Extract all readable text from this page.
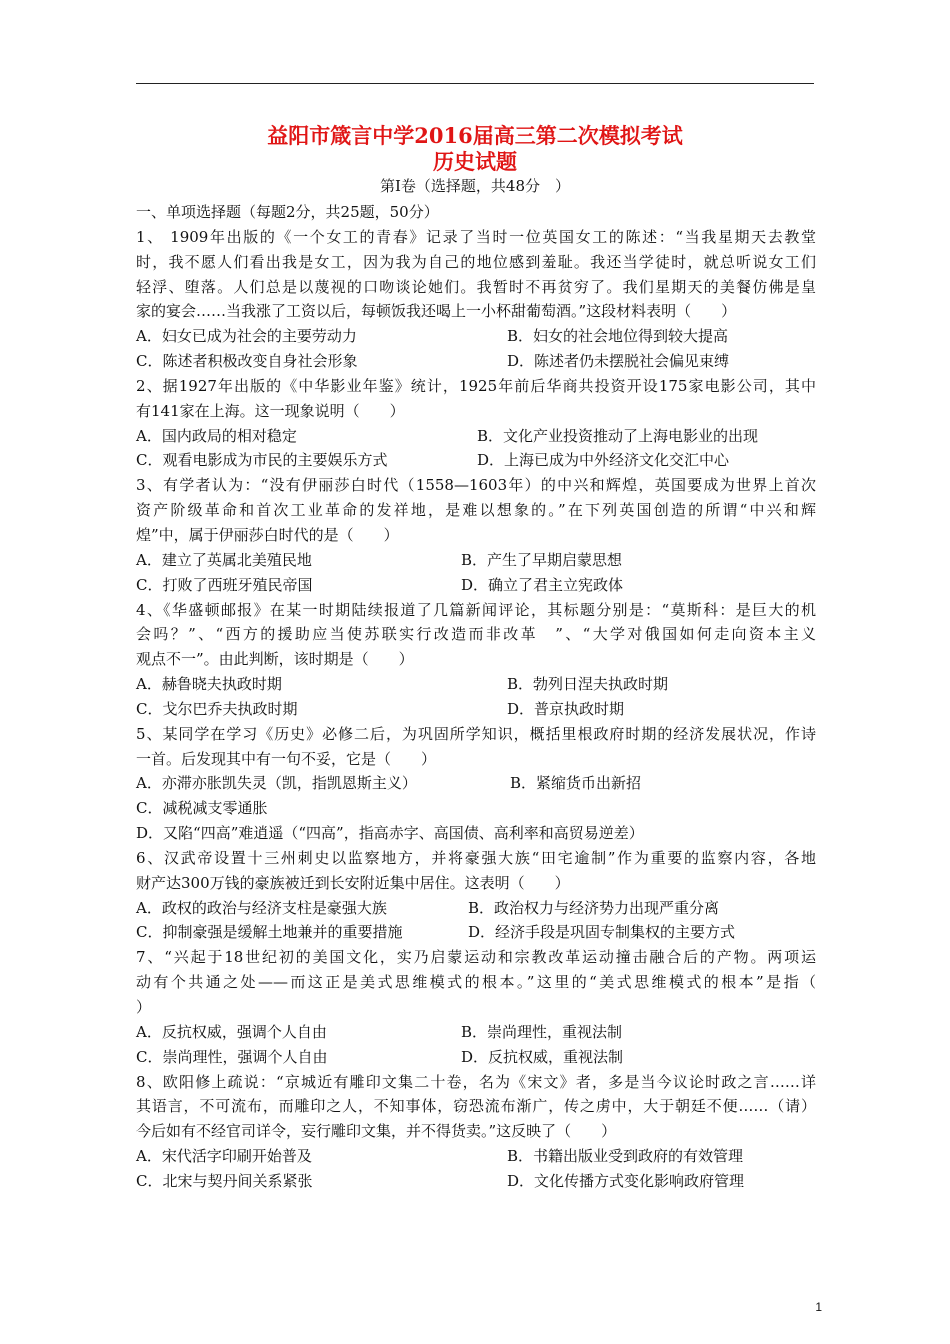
益阳市箴言中学2016届高三第二次模拟考试
历史试题
第Ⅰ卷（选择题，共48分　）
一、单项选择题（每题2分，共25题，50分）
1、 1909年出版的《一个女工的青春》记录了当时一位英国女工的陈述：“当我星期天去教堂
时，我不愿人们看出我是女工，因为我为自己的地位感到羞耻。我还当学徒时，就总听说女工们
轻浮、堕落。人们总是以蔑视的口吻谈论她们。我暂时不再贫穷了。我们星期天的美餐仿佛是皇
家的宴会……当我涨了工资以后，每顿饭我还喝上一小杯甜葡萄酒。”这段材料表明（　　）
A．妇女已成为社会的主要劳动力	B．妇女的社会地位得到较大提高
C．陈述者积极改变自身社会形象	D．陈述者仍未摆脱社会偏见束缚
2、据1927年出版的《中华影业年鉴》统计，1925年前后华商共投资开设175家电影公司，其中
有141家在上海。这一现象说明（　　）
A．国内政局的相对稳定	B．文化产业投资推动了上海电影业的出现
C．观看电影成为市民的主要娱乐方式	D．上海已成为中外经济文化交汇中心
3、有学者认为：“没有伊丽莎白时代（1558—1603年）的中兴和辉煌，英国要成为世界上首次
资产阶级革命和首次工业革命的发祥地，是难以想象的。”在下列英国创造的所谓“中兴和辉
煌”中，属于伊丽莎白时代的是（　　）
A．建立了英属北美殖民地	B．产生了早期启蒙思想
C．打败了西班牙殖民帝国	D．确立了君主立宪政体
4、《华盛顿邮报》在某一时期陆续报道了几篇新闻评论，其标题分别是：“莫斯科：是巨大的机
会吗？”、“西方的援助应当使苏联实行改造而非改革　”、“大学对俄国如何走向资本主义
观点不一”。由此判断，该时期是（　　）
A．赫鲁晓夫执政时期	B．勃列日涅夫执政时期
C．戈尔巴乔夫执政时期	D．普京执政时期
5、某同学在学习《历史》必修二后，为巩固所学知识，概括里根政府时期的经济发展状况，作诗
一首。后发现其中有一句不妥，它是（　　）
A．亦滞亦胀凯失灵（凯，指凯恩斯主义）	B．紧缩货币出新招
C．减税减支零通胀
D．又陷“四高”难逍遥（“四高”，指高赤字、高国债、高利率和高贸易逆差）
6、汉武帝设置十三州刺史以监察地方，并将豪强大族“田宅逾制”作为重要的监察内容，各地
财产达300万钱的豪族被迁到长安附近集中居住。这表明（　　）
A．政权的政治与经济支柱是豪强大族	B．政治权力与经济势力出现严重分离
C．抑制豪强是缓解土地兼并的重要措施	D．经济手段是巩固专制集权的主要方式
7、“兴起于18世纪初的美国文化，实乃启蒙运动和宗教改革运动撞击融合后的产物。两项运
动有个共通之处——而这正是美式思维模式的根本。”这里的“美式思维模式的根本”是指（
）
A．反抗权威，强调个人自由	B．崇尚理性，重视法制
C．崇尚理性，强调个人自由	D．反抗权威，重视法制
8、欧阳修上疏说：“京城近有雕印文集二十卷，名为《宋文》者，多是当今议论时政之言……详
其语言，不可流布，而雕印之人，不知事体，窃恐流布渐广，传之虏中，大于朝廷不便……（请）
今后如有不经官司详令，妄行雕印文集，并不得货卖。”这反映了（　　）
A．宋代活字印刷开始普及	B．书籍出版业受到政府的有效管理
C．北宋与契丹间关系紧张	D．文化传播方式变化影响政府管理
1
